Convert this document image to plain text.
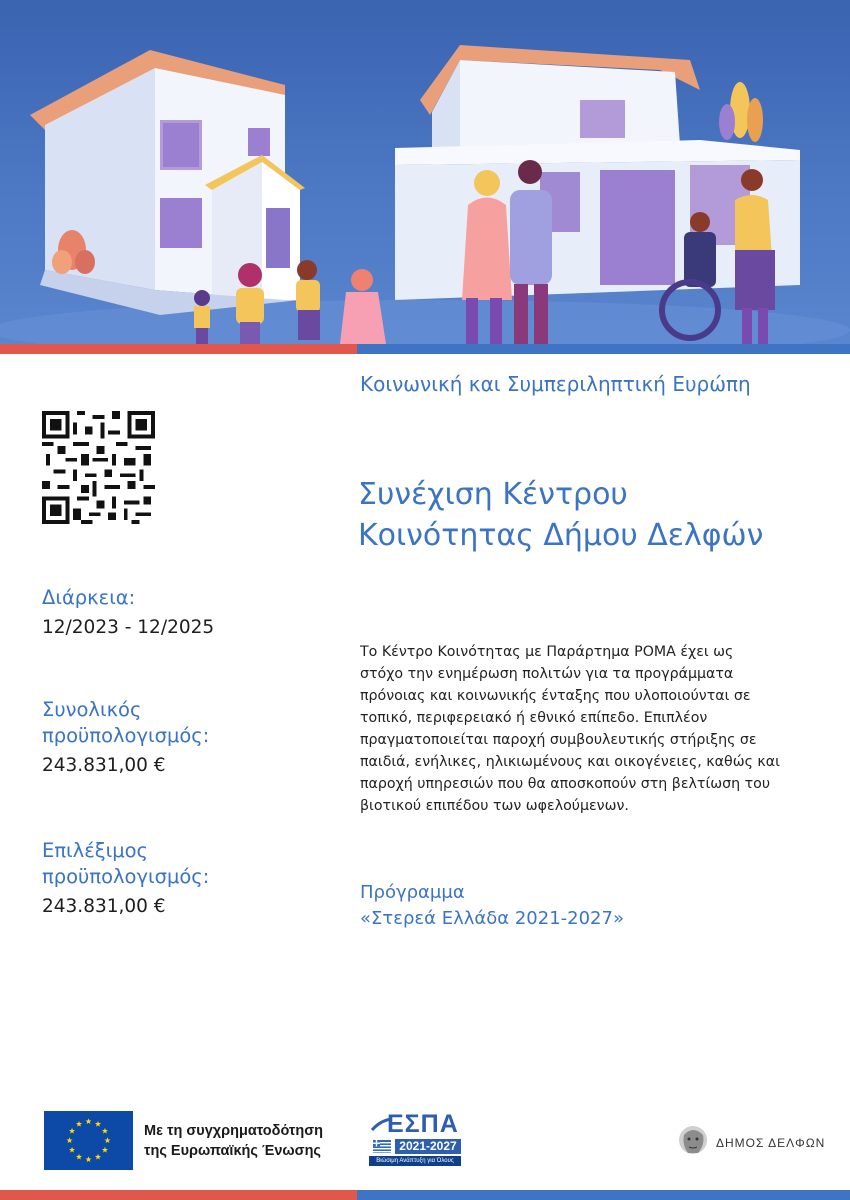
Διάρκεια:
12/2023 - 12/2025
Συνολικός
προϋπολογισμός:
243.831,00 €
Επιλέξιμος
προϋπολογισμός:
243.831,00 €
Κοινωνική και Συμπεριληπτική Ευρώπη
Συνέχιση Κέντρου Κοινότητας Δήμου Δελφών
Το Κέντρο Κοινότητας με Παράρτημα ΡΟΜΑ έχει ως στόχο την ενημέρωση πολιτών για τα προγράμματα πρόνοιας και κοινωνικής ένταξης που υλοποιούνται σε τοπικό, περιφερειακό ή εθνικό επίπεδο. Επιπλέον πραγματοποιείται παροχή συμβουλευτικής στήριξης σε παιδιά, ενήλικες, ηλικιωμένους και οικογένειες, καθώς και παροχή υπηρεσιών που θα αποσκοπούν στη βελτίωση του βιοτικού επιπέδου των ωφελούμενων.
Πρόγραμμα
«Στερεά Ελλάδα 2021-2027»
Με τη συγχρηματοδότηση
της Ευρωπαϊκής Ένωσης
ΕΣΠΑ
2021-2027
Βιώσιμη Ανάπτυξη για Όλους
ΔΗΜΟΣ ΔΕΛΦΩΝ
